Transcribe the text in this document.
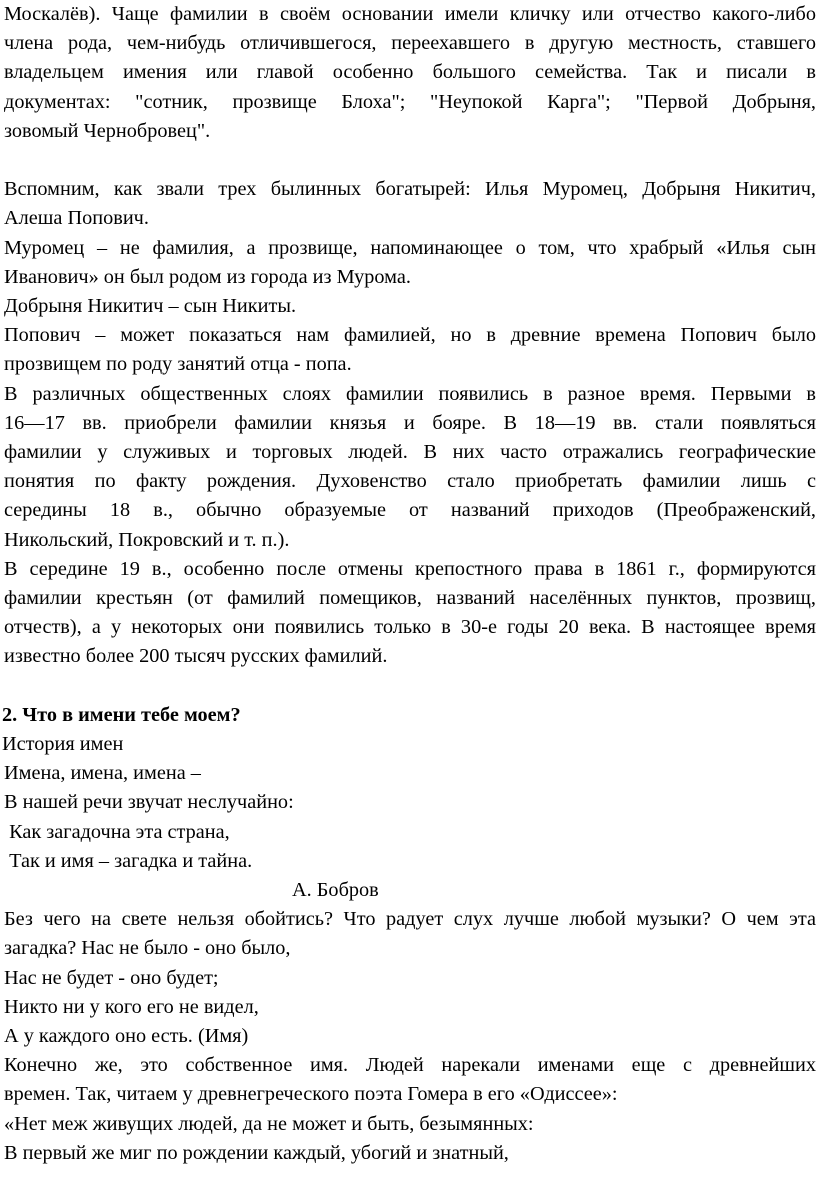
Москалёв). Чаще фамилии в своём основании имели кличку или отчество какого-либо
члена рода, чем-нибудь отличившегося, переехавшего в другую местность, ставшего
владельцем имения или главой особенно большого семейства. Так и писали в
документах: "сотник, прозвище Блоха"; "Неупокой Карга"; "Первой Добрыня,
зовомый Чернобровец".
Вспомним, как звали трех былинных богатырей: Илья Муромец, Добрыня Никитич,
Алеша Попович.
Муромец – не фамилия, а прозвище, напоминающее о том, что храбрый «Илья сын
Иванович» он был родом из города из Мурома.
Добрыня Никитич – сын Никиты.
Попович – может показаться нам фамилией, но в древние времена Попович было
прозвищем по роду занятий отца - попа.
В различных общественных слоях фамилии появились в разное время. Первыми в
16—17 вв. приобрели фамилии князья и бояре. В 18—19 вв. стали появляться
фамилии у служивых и торговых людей. В них часто отражались географические
понятия по факту рождения. Духовенство стало приобретать фамилии лишь с
середины 18 в., обычно образуемые от названий приходов (Преображенский,
Никольский, Покровский и т. п.).
В середине 19 в., особенно после отмены крепостного права в 1861 г., формируются
фамилии крестьян (от фамилий помещиков, названий населённых пунктов, прозвищ,
отчеств), а у некоторых они появились только в 30-е годы 20 века. В настоящее время
известно более 200 тысяч русских фамилий.
2. Что в имени тебе моем?
История имен
Имена, имена, имена –
В нашей речи звучат неслучайно:
Как загадочна эта страна,
Так и имя – загадка и тайна.
А. Бобров
Без чего на свете нельзя обойтись? Что радует слух лучше любой музыки? О чем эта
загадка? Нас не было - оно было,
Нас не будет - оно будет;
Никто ни у кого его не видел,
А у каждого оно есть. (Имя)
Конечно же, это собственное имя. Людей нарекали именами еще с древнейших
времен. Так, читаем у древнегреческого поэта Гомера в его «Одиссее»:
«Нет меж живущих людей, да не может и быть, безымянных:
В первый же миг по рождении каждый, убогий и знатный,
